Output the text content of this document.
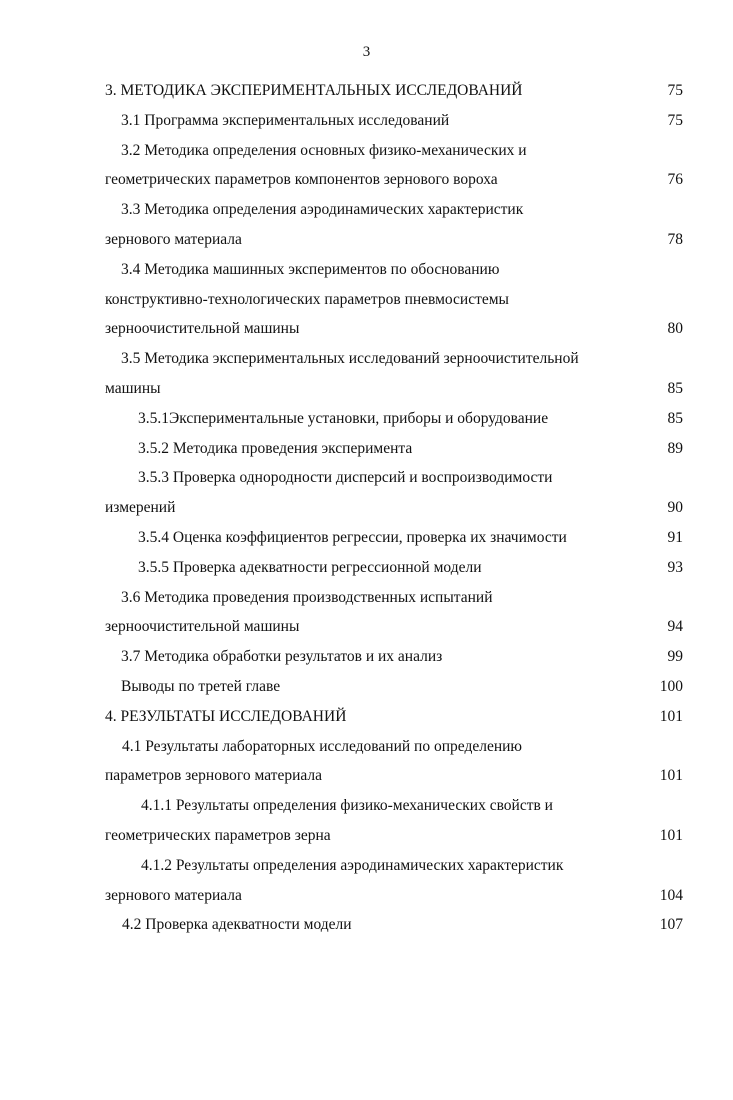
3
3. МЕТОДИКА ЭКСПЕРИМЕНТАЛЬНЫХ ИССЛЕДОВАНИЙ	75
3.1 Программа экспериментальных исследований	75
3.2 Методика определения основных физико-механических и
геометрических параметров компонентов зернового вороха	76
3.3 Методика определения аэродинамических характеристик
зернового материала	78
3.4 Методика машинных экспериментов по обоснованию
конструктивно-технологических параметров пневмосистемы
зерноочистительной машины	80
3.5 Методика экспериментальных исследований зерноочистительной
машины	85
3.5.1Экспериментальные установки, приборы и оборудование	85
3.5.2 Методика проведения эксперимента	89
3.5.3 Проверка однородности дисперсий и воспроизводимости
измерений	90
3.5.4 Оценка коэффициентов регрессии, проверка их значимости	91
3.5.5 Проверка адекватности регрессионной модели	93
3.6 Методика проведения производственных испытаний
зерноочистительной машины	94
3.7 Методика обработки результатов и их анализ	99
Выводы по третей главе	100
4. РЕЗУЛЬТАТЫ ИССЛЕДОВАНИЙ	101
4.1 Результаты лабораторных исследований по определению
параметров зернового материала	101
4.1.1 Результаты определения физико-механических свойств и
геометрических параметров зерна	101
4.1.2 Результаты определения аэродинамических характеристик
зернового материала	104
4.2 Проверка адекватности модели	107
